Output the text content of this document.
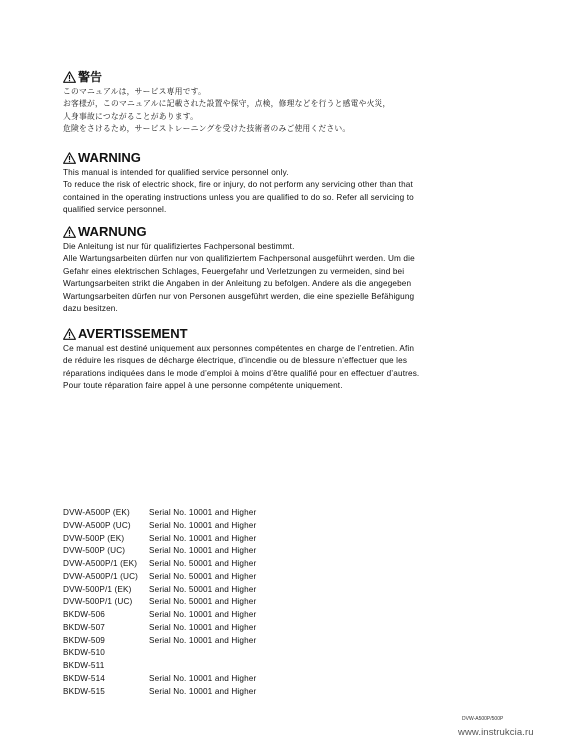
警告
このマニュアルは，サービス専用です。
お客様が，このマニュアルに記載された設置や保守，点検，修理などを行うと感電や火災，
人身事故につながることがあります。
危険をさけるため，サービストレーニングを受けた技術者のみご使用ください。
WARNING
This manual is intended for qualified service personnel only.
To reduce the risk of electric shock, fire or injury, do not perform any servicing other than that
contained in the operating instructions unless you are qualified to do so. Refer all servicing to
qualified service personnel.
WARNUNG
Die Anleitung ist nur für qualifiziertes Fachpersonal bestimmt.
Alle Wartungsarbeiten dürfen nur von qualifiziertem Fachpersonal ausgeführt werden. Um die
Gefahr eines elektrischen Schlages, Feuergefahr und Verletzungen zu vermeiden, sind bei
Wartungsarbeiten strikt die Angaben in der Anleitung zu befolgen. Andere als die angegeben
Wartungsarbeiten dürfen nur von Personen ausgeführt werden, die eine spezielle Befähigung
dazu besitzen.
AVERTISSEMENT
Ce manual est destiné uniquement aux personnes compétentes en charge de l’entretien. Afin
de réduire les risques de décharge électrique, d’incendie ou de blessure n’effectuer que les
réparations indiquées dans le mode d’emploi à moins d’être qualifié pour en effectuer d’autres.
Pour toute réparation faire appel à une personne compétente uniquement.
DVW-A500P (EK)	Serial No. 10001 and Higher
DVW-A500P (UC)	Serial No. 10001 and Higher
DVW-500P (EK)	Serial No. 10001 and Higher
DVW-500P (UC)	Serial No. 10001 and Higher
DVW-A500P/1 (EK)	Serial No. 50001 and Higher
DVW-A500P/1 (UC)	Serial No. 50001 and Higher
DVW-500P/1 (EK)	Serial No. 50001 and Higher
DVW-500P/1 (UC)	Serial No. 50001 and Higher
BKDW-506	Serial No. 10001 and Higher
BKDW-507	Serial No. 10001 and Higher
BKDW-509	Serial No. 10001 and Higher
BKDW-510	
BKDW-511	
BKDW-514	Serial No. 10001 and Higher
BKDW-515	Serial No. 10001 and Higher
DVW-A500P/500P
www.instrukcia.ru
